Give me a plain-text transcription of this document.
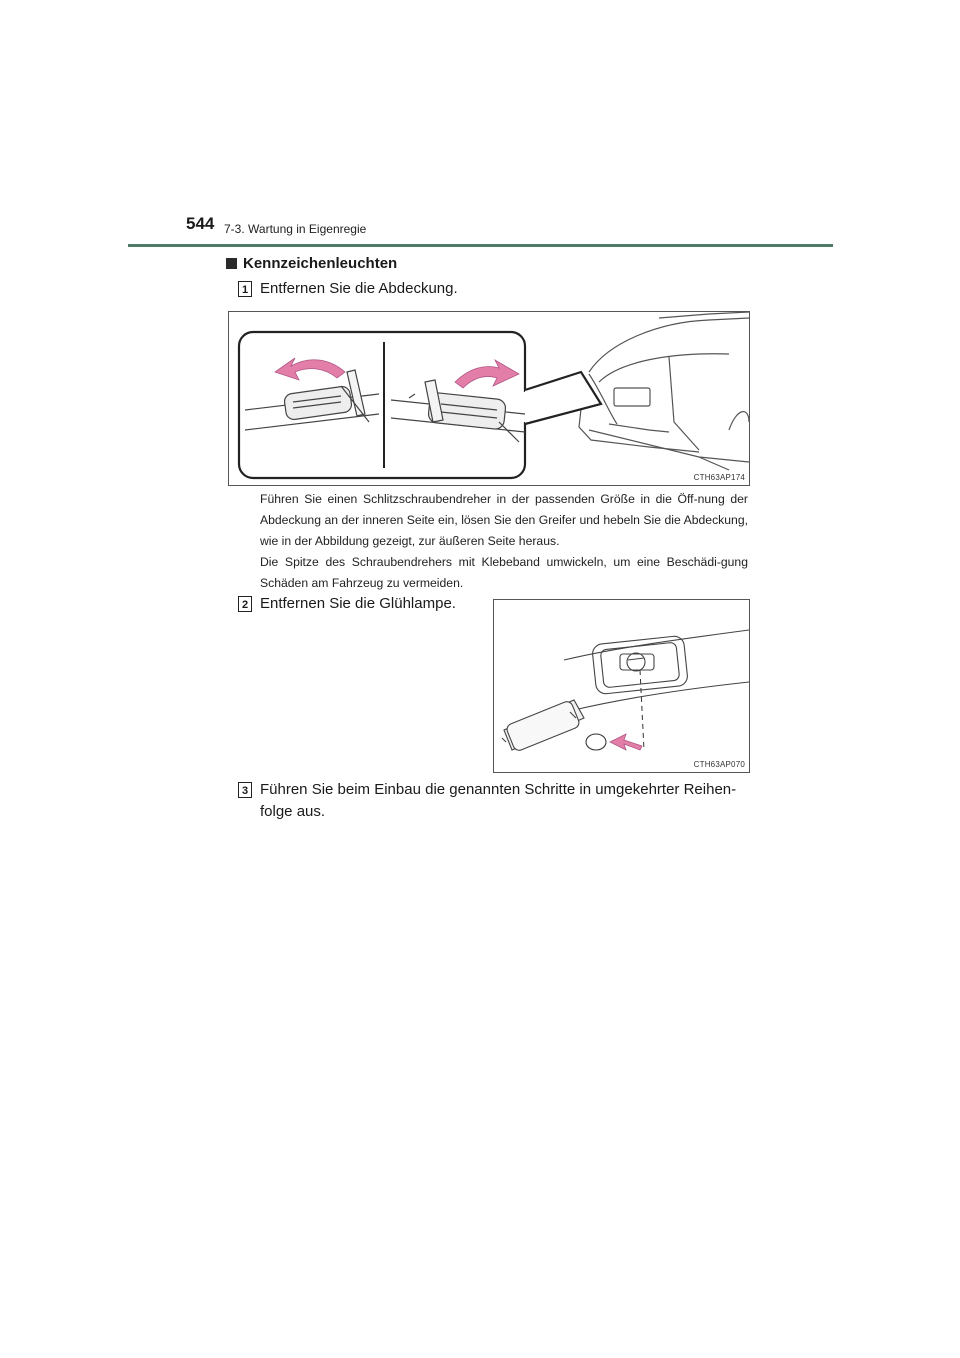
544 7-3. Wartung in Eigenregie
Kennzeichenleuchten
1 Entfernen Sie die Abdeckung.
CTH63AP174
Führen Sie einen Schlitzschraubendreher in der passenden Größe in die Öff-nung der Abdeckung an der inneren Seite ein, lösen Sie den Greifer und hebeln Sie die Abdeckung, wie in der Abbildung gezeigt, zur äußeren Seite heraus.
Die Spitze des Schraubendrehers mit Klebeband umwickeln, um eine Beschädi-gung Schäden am Fahrzeug zu vermeiden.
2 Entfernen Sie die Glühlampe.
CTH63AP070
3 Führen Sie beim Einbau die genannten Schritte in umgekehrter Reihen-folge aus.
